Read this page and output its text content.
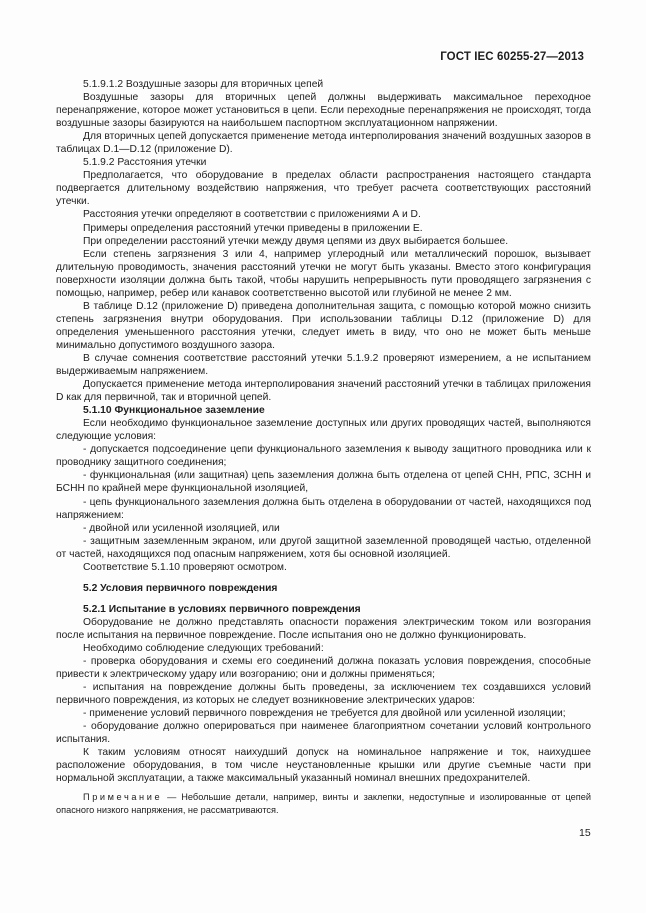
ГОСТ IEC 60255-27—2013

5.1.9.1.2 Воздушные зазоры для вторичных цепей

Воздушные зазоры для вторичных цепей должны выдерживать максимальное переходное перенапряжение, которое может установиться в цепи. Если переходные перенапряжения не происходят, тогда воздушные зазоры базируются на наибольшем паспортном эксплуатационном напряжении.

Для вторичных цепей допускается применение метода интерполирования значений воздушных зазоров в таблицах D.1—D.12 (приложение D).

5.1.9.2 Расстояния утечки

Предполагается, что оборудование в пределах области распространения настоящего стандарта подвергается длительному воздействию напряжения, что требует расчета соответствующих расстояний утечки.

Расстояния утечки определяют в соответствии с приложениями А и D.

Примеры определения расстояний утечки приведены в приложении Е.

При определении расстояний утечки между двумя цепями из двух выбирается большее.

Если степень загрязнения 3 или 4, например углеродный или металлический порошок, вызывает длительную проводимость, значения расстояний утечки не могут быть указаны. Вместо этого конфигурация поверхности изоляции должна быть такой, чтобы нарушить непрерывность пути проводящего загрязнения с помощью, например, ребер или канавок соответственно высотой или глубиной не менее 2 мм.

В таблице D.12 (приложение D) приведена дополнительная защита, с помощью которой можно снизить степень загрязнения внутри оборудования. При использовании таблицы D.12 (приложение D) для определения уменьшенного расстояния утечки, следует иметь в виду, что оно не может быть меньше минимально допустимого воздушного зазора.

В случае сомнения соответствие расстояний утечки 5.1.9.2 проверяют измерением, а не испытанием выдерживаемым напряжением.

Допускается применение метода интерполирования значений расстояний утечки в таблицах приложения D как для первичной, так и вторичной цепей.

5.1.10 Функциональное заземление

Если необходимо функциональное заземление доступных или других проводящих частей, выполняются следующие условия:

- допускается подсоединение цепи функционального заземления к выводу защитного проводника или к проводнику защитного соединения;

- функциональная (или защитная) цепь заземления должна быть отделена от цепей СНН, РПС, ЗСНН и БСНН по крайней мере функциональной изоляцией,

- цепь функционального заземления должна быть отделена в оборудовании от частей, находящихся под напряжением:

- двойной или усиленной изоляцией, или

- защитным заземленным экраном, или другой защитной заземленной проводящей частью, отделенной от частей, находящихся под опасным напряжением, хотя бы основной изоляцией.

Соответствие 5.1.10 проверяют осмотром.

5.2 Условия первичного повреждения

5.2.1 Испытание в условиях первичного повреждения

Оборудование не должно представлять опасности поражения электрическим током или возгорания после испытания на первичное повреждение. После испытания оно не должно функционировать.

Необходимо соблюдение следующих требований:

- проверка оборудования и схемы его соединений должна показать условия повреждения, способные привести к электрическому удару или возгоранию; они и должны применяться;

- испытания на повреждение должны быть проведены, за исключением тех создавшихся условий первичного повреждения, из которых не следует возникновение электрических ударов:

- применение условий первичного повреждения не требуется для двойной или усиленной изоляции;

- оборудование должно оперироваться при наименее благоприятном сочетании условий контрольного испытания.

К таким условиям относят наихудший допуск на номинальное напряжение и ток, наихудшее расположение оборудования, в том числе неустановленные крышки или другие съемные части при нормальной эксплуатации, а также максимальный указанный номинал внешних предохранителей.

Примечание — Небольшие детали, например, винты и заклепки, недоступные и изолированные от цепей опасного низкого напряжения, не рассматриваются.

15
